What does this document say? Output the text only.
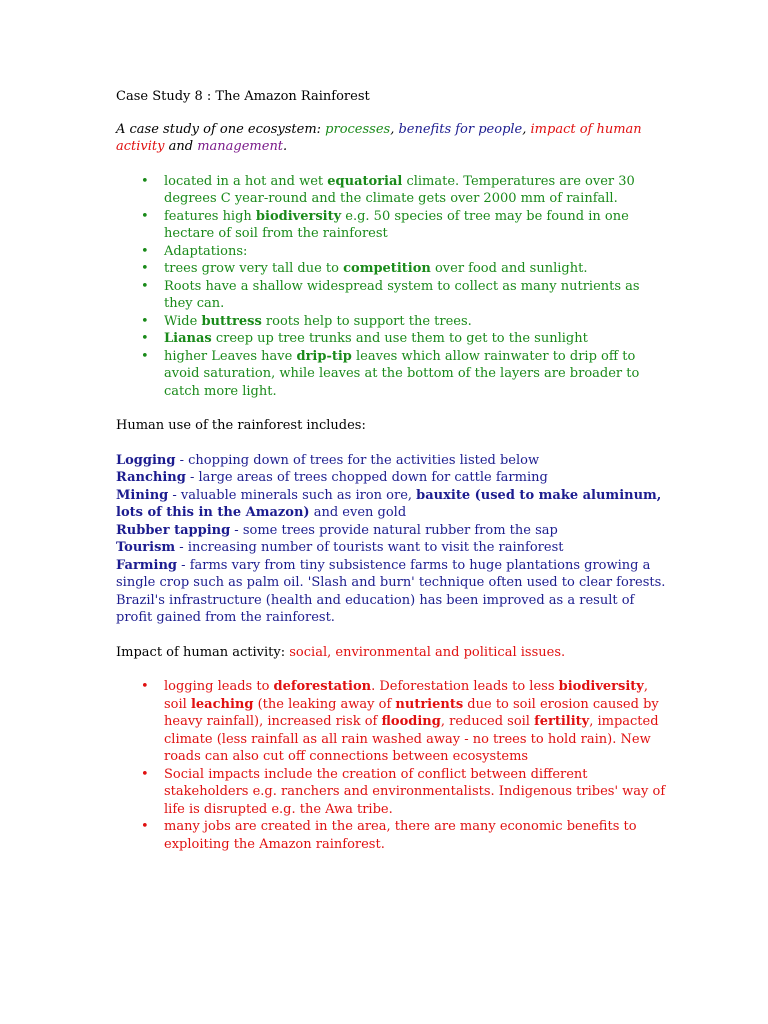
Case Study 8 : The Amazon Rainforest

A case study of one ecosystem: processes, benefits for people, impact of human activity and management.

• located in a hot and wet equatorial climate. Temperatures are over 30 degrees C year-round and the climate gets over 2000 mm of rainfall.
• features high biodiversity e.g. 50 species of tree may be found in one hectare of soil from the rainforest
• Adaptations:
• trees grow very tall due to competition over food and sunlight.
• Roots have a shallow widespread system to collect as many nutrients as they can.
• Wide buttress roots help to support the trees.
• Lianas creep up tree trunks and use them to get to the sunlight
• higher Leaves have drip-tip leaves which allow rainwater to drip off to avoid saturation, while leaves at the bottom of the layers are broader to catch more light.

Human use of the rainforest includes:

Logging - chopping down of trees for the activities listed below
Ranching - large areas of trees chopped down for cattle farming
Mining - valuable minerals such as iron ore, bauxite (used to make aluminum, lots of this in the Amazon) and even gold
Rubber tapping - some trees provide natural rubber from the sap
Tourism - increasing number of tourists want to visit the rainforest
Farming - farms vary from tiny subsistence farms to huge plantations growing a single crop such as palm oil. 'Slash and burn' technique often used to clear forests.
Brazil's infrastructure (health and education) has been improved as a result of profit gained from the rainforest.

Impact of human activity: social, environmental and political issues.

• logging leads to deforestation. Deforestation leads to less biodiversity, soil leaching (the leaking away of nutrients due to soil erosion caused by heavy rainfall), increased risk of flooding, reduced soil fertility, impacted climate (less rainfall as all rain washed away - no trees to hold rain). New roads can also cut off connections between ecosystems
• Social impacts include the creation of conflict between different stakeholders e.g. ranchers and environmentalists. Indigenous tribes' way of life is disrupted e.g. the Awa tribe.
• many jobs are created in the area, there are many economic benefits to exploiting the Amazon rainforest.
